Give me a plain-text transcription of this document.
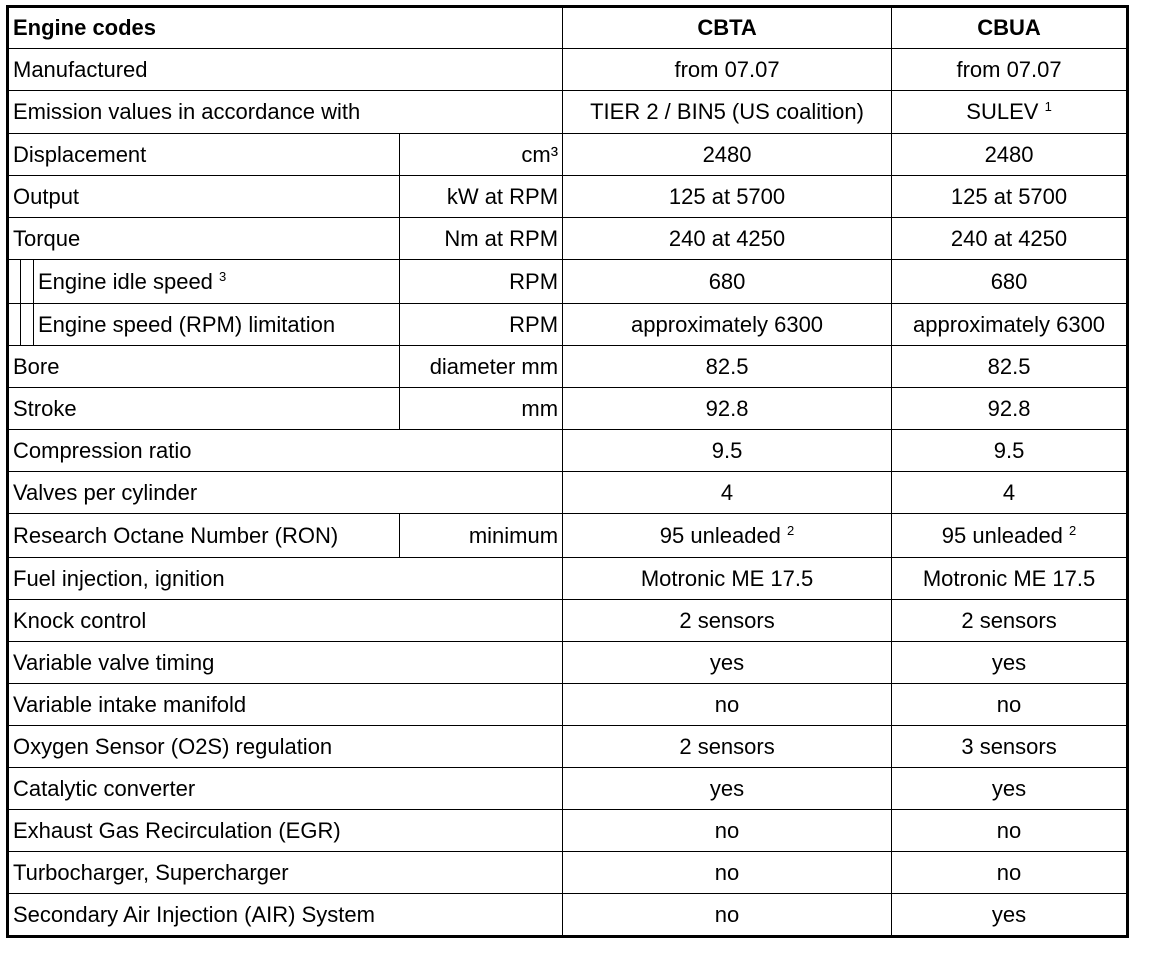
Engine codes				CBTA	CBUA
Manufactured				from 07.07	from 07.07
Emission values in accordance with				TIER 2 / BIN5 (US coalition)	SULEV $^1$
Displacement			cm³	2480	2480
Output			kW at RPM	125 at 5700	125 at 5700
Torque			Nm at RPM	240 at 4250	240 at 4250
		Engine idle speed $^3$	RPM	680	680
		Engine speed (RPM) limitation	RPM	approximately 6300	approximately 6300
Bore			diameter mm	82.5	82.5
Stroke			mm	92.8	92.8
Compression ratio				9.5	9.5
Valves per cylinder				4	4
Research Octane Number (RON)			minimum	95 unleaded $^2$	95 unleaded $^2$
Fuel injection, ignition				Motronic ME 17.5	Motronic ME 17.5
Knock control				2 sensors	2 sensors
Variable valve timing				yes	yes
Variable intake manifold				no	no
Oxygen Sensor (O2S) regulation				2 sensors	3 sensors
Catalytic converter				yes	yes
Exhaust Gas Recirculation (EGR)				no	no
Turbocharger, Supercharger				no	no
Secondary Air Injection (AIR) System				no	yes
